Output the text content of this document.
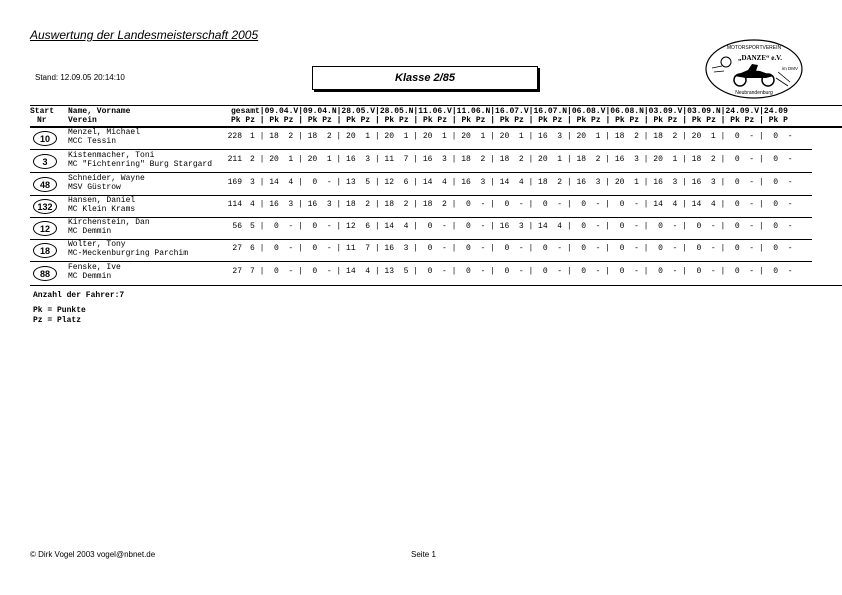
Auswertung der Landesmeisterschaft 2005
Stand: 12.09.05 20:14:10	Klasse 2/85
MOTORSPORTVEREIN
„DANZE“ e.V.
im DMV
Neubrandenburg
Start
Nr
Name, Vorname
Verein
gesamt|09.04.V|09.04.N|28.05.V|28.05.N|11.06.V|11.06.N|16.07.V|16.07.N|06.08.V|06.08.N|03.09.V|03.09.N|24.09.V|24.09
Pk Pz | Pk Pz | Pk Pz | Pk Pz | Pk Pz | Pk Pz | Pk Pz | Pk Pz | Pk Pz | Pk Pz | Pk Pz | Pk Pz | Pk Pz | Pk Pz | Pk P
Anzahl der Fahrer:7
Pk = Punkte
Pz = Platz
© Dirk Vogel 2003 vogel@nbnet.de	Seite 1
10
Menzel, Michael
MCC Tessin
228 1 | 18  2 | 18  2 | 20  1 | 20  1 | 20  1 | 20  1 | 20  1 | 16  3 | 20  1 | 18  2 | 18  2 | 20  1 |  0  - |  0  -
3
Kistenmacher, Toni
MC "Fichtenring" Burg Stargard
211 2 | 20  1 | 20  1 | 16  3 | 11  7 | 16  3 | 18  2 | 18  2 | 20  1 | 18  2 | 16  3 | 20  1 | 18  2 |  0  - |  0  -
48
Schneider, Wayne
MSV Güstrow
169 3 | 14  4 |  0  - | 13  5 | 12  6 | 14  4 | 16  3 | 14  4 | 18  2 | 16  3 | 20  1 | 16  3 | 16  3 |  0  - |  0  -
132
Hansen, Daniel
MC Klein Krams
114 4 | 16  3 | 16  3 | 18  2 | 18  2 | 18  2 |  0  - |  0  - |  0  - |  0  - |  0  - | 14  4 | 14  4 |  0  - |  0  -
12
Kirchenstein, Dan
MC Demmin
56 5 |  0  - |  0  - | 12  6 | 14  4 |  0  - |  0  - | 16  3 | 14  4 |  0  - |  0  - |  0  - |  0  - |  0  - |  0  -
18
Wolter, Tony
MC-Meckenburgring Parchim
27 6 |  0  - |  0  - | 11  7 | 16  3 |  0  - |  0  - |  0  - |  0  - |  0  - |  0  - |  0  - |  0  - |  0  - |  0  -
88
Fenske, Ive
MC Demmin
27 7 |  0  - |  0  - | 14  4 | 13  5 |  0  - |  0  - |  0  - |  0  - |  0  - |  0  - |  0  - |  0  - |  0  - |  0  -
